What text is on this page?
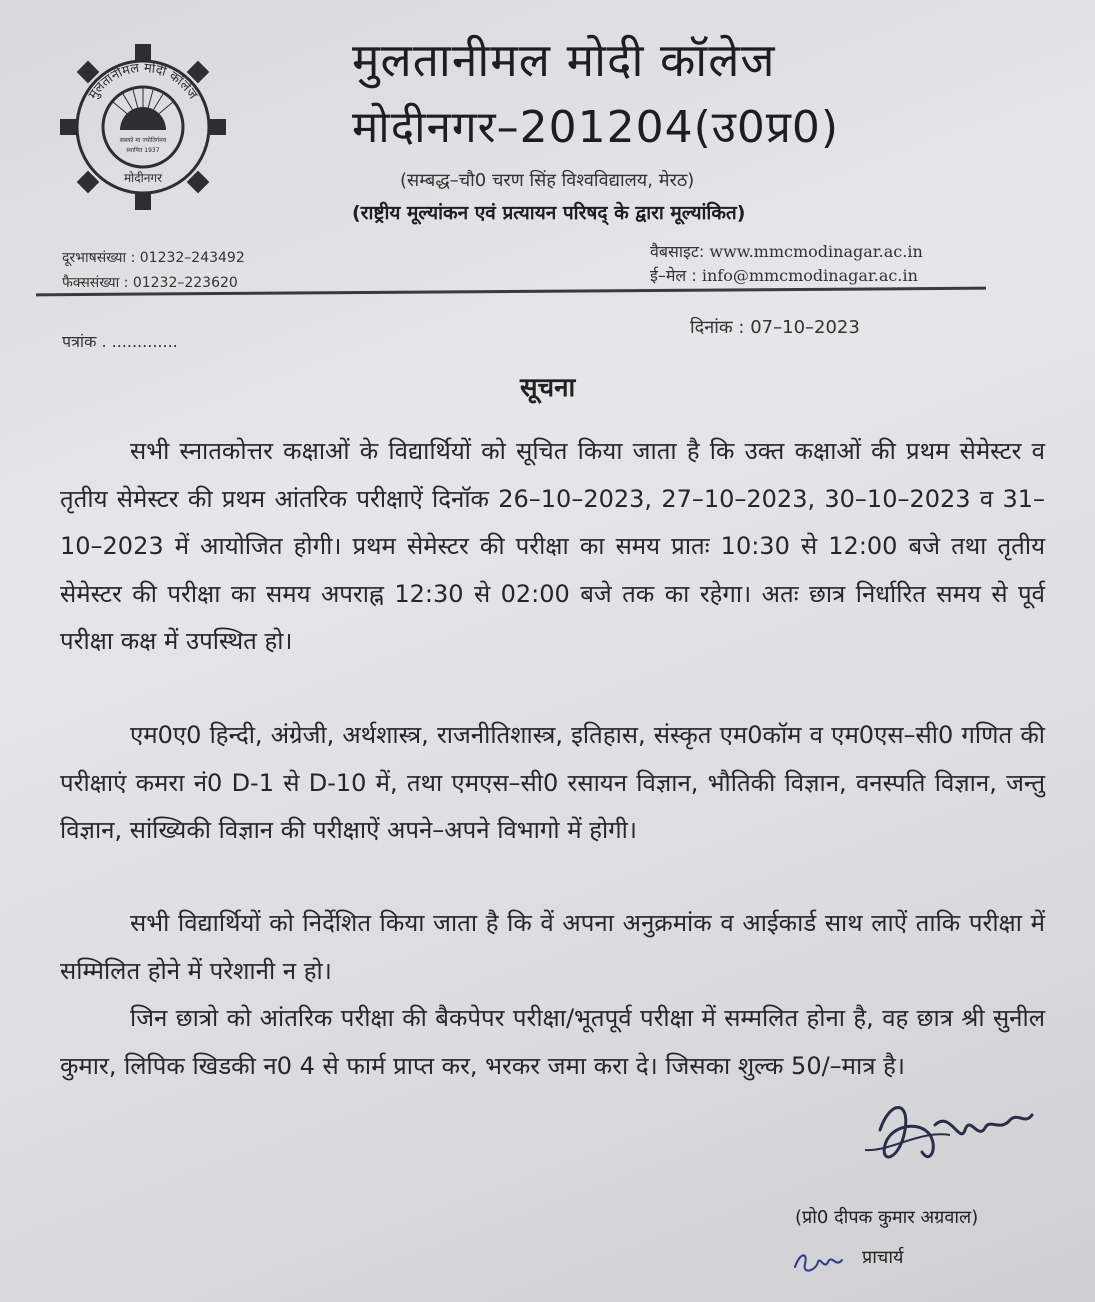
सबको मा ज्योतिर्गमय
स्थापित 1937
मुलतानीमल मोदी कॉलेज
मोदीनगर
मुलतानीमल मोदी कॉलेज
मोदीनगर–201204(उ0प्र0)
(सम्बद्ध–चौ0 चरण सिंह विश्वविद्यालय, मेरठ)
(राष्ट्रीय मूल्यांकन एवं प्रत्यायन परिषद् के द्वारा मूल्यांकित)
दूरभाषसंख्या : 01232–243492
फैक्ससंख्या : 01232–223620
वैबसाइट: www.mmcmodinagar.ac.in
ई–मेल : info@mmcmodinagar.ac.in
पत्रांक . .............
दिनांक : 07–10–2023
सूचना
सभी स्नातकोत्तर कक्षाओं के विद्यार्थियों को सूचित किया जाता है कि उक्त कक्षाओं की प्रथम सेमेस्टर व तृतीय सेमेस्टर की प्रथम आंतरिक परीक्षाऐं दिनॉक 26–10–2023, 27–10–2023, 30–10–2023 व 31–10–2023 में आयोजित होगी। प्रथम सेमेस्टर की परीक्षा का समय प्रातः 10:30 से 12:00 बजे तथा तृतीय सेमेस्टर की परीक्षा का समय अपराह्न 12:30 से 02:00 बजे तक का रहेगा। अतः छात्र निर्धारित समय से पूर्व परीक्षा कक्ष में उपस्थित हो।
एम0ए0 हिन्दी, अंग्रेजी, अर्थशास्त्र, राजनीतिशास्त्र, इतिहास, संस्कृत एम0कॉम व एम0एस–सी0 गणित की परीक्षाएं कमरा नं0 D-1 से D-10 में, तथा एमएस–सी0 रसायन विज्ञान, भौतिकी विज्ञान, वनस्पति विज्ञान, जन्तु विज्ञान, सांख्यिकी विज्ञान की परीक्षाऐं अपने–अपने विभागो में होगी।
सभी विद्यार्थियों को निर्देशित किया जाता है कि वें अपना अनुक्रमांक व आईकार्ड साथ लाऐं ताकि परीक्षा में सम्मिलित होने में परेशानी न हो।
जिन छात्रो को आंतरिक परीक्षा की बैकपेपर परीक्षा/भूतपूर्व परीक्षा में सम्मलित होना है, वह छात्र श्री सुनील कुमार, लिपिक खिडकी न0 4 से फार्म प्राप्त कर, भरकर जमा करा दे। जिसका शुल्क 50/–मात्र है।
(प्रो0 दीपक कुमार अग्रवाल)
प्राचार्य
